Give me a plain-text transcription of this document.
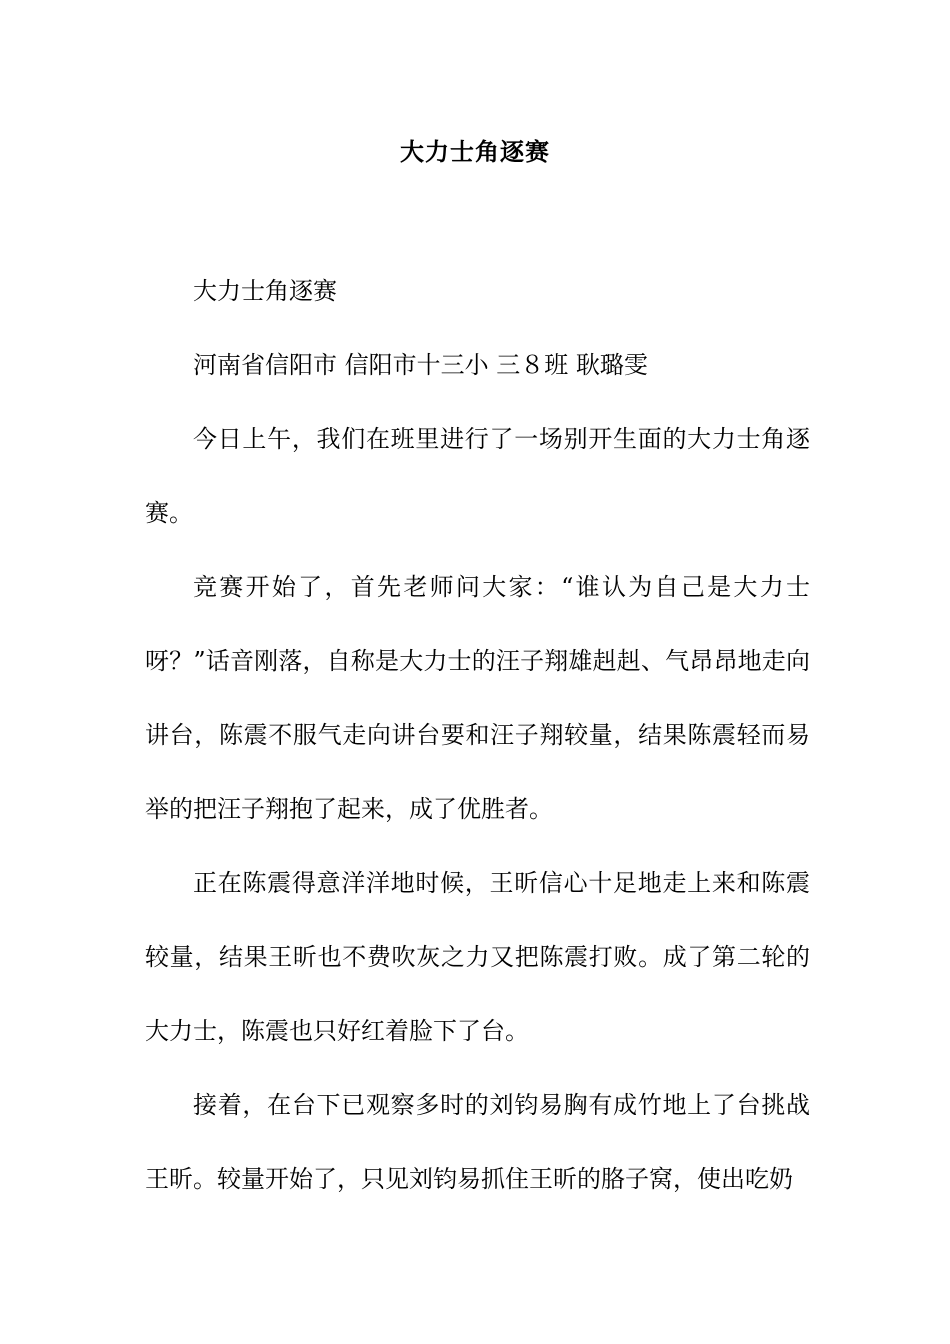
大力士角逐赛

大力士角逐赛

河南省信阳市 信阳市十三小 三８班 耿璐雯

今日上午，我们在班里进行了一场别开生面的大力士角逐赛。

竞赛开始了，首先老师问大家：“谁认为自己是大力士呀？”话音刚落，自称是大力士的汪子翔雄赳赳、气昂昂地走向讲台，陈震不服气走向讲台要和汪子翔较量，结果陈震轻而易举的把汪子翔抱了起来，成了优胜者。

正在陈震得意洋洋地时候，王昕信心十足地走上来和陈震较量，结果王昕也不费吹灰之力又把陈震打败。成了第二轮的大力士，陈震也只好红着脸下了台。

接着，在台下已观察多时的刘钧易胸有成竹地上了台挑战王昕。较量开始了，只见刘钧易抓住王昕的胳子窝，使出吃奶
